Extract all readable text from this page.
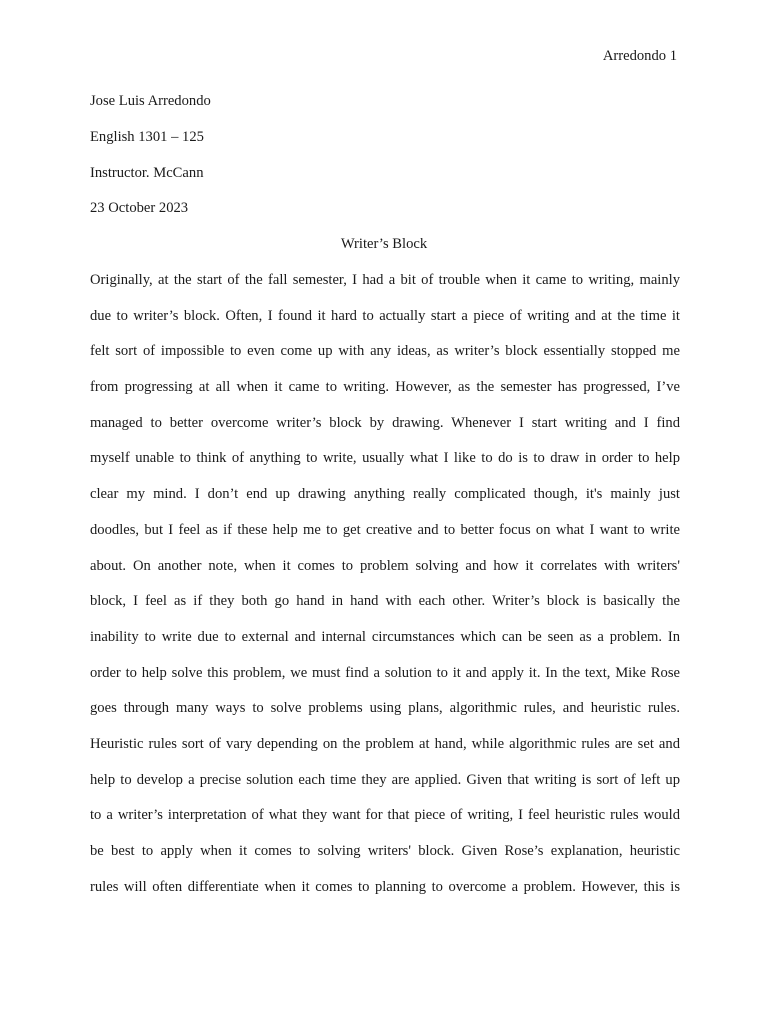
Arredondo 1
Jose Luis Arredondo
English 1301 – 125
Instructor. McCann
23 October 2023
Writer’s Block
Originally, at the start of the fall semester, I had a bit of trouble when it came to writing, mainly
due to writer’s block. Often, I found it hard to actually start a piece of writing and at the time it
felt sort of impossible to even come up with any ideas, as writer’s block essentially stopped me
from progressing at all when it came to writing. However, as the semester has progressed, I’ve
managed to better overcome writer’s block by drawing. Whenever I start writing and I find
myself unable to think of anything to write, usually what I like to do is to draw in order to help
clear my mind. I don’t end up drawing anything really complicated though, it's mainly just
doodles, but I feel as if these help me to get creative and to better focus on what I want to write
about. On another note, when it comes to problem solving and how it correlates with writers'
block, I feel as if they both go hand in hand with each other. Writer’s block is basically the
inability to write due to external and internal circumstances which can be seen as a problem. In
order to help solve this problem, we must find a solution to it and apply it. In the text, Mike Rose
goes through many ways to solve problems using plans, algorithmic rules, and heuristic rules.
Heuristic rules sort of vary depending on the problem at hand, while algorithmic rules are set and
help to develop a precise solution each time they are applied. Given that writing is sort of left up
to a writer’s interpretation of what they want for that piece of writing, I feel heuristic rules would
be best to apply when it comes to solving writers' block. Given Rose’s explanation, heuristic
rules will often differentiate when it comes to planning to overcome a problem. However, this is
